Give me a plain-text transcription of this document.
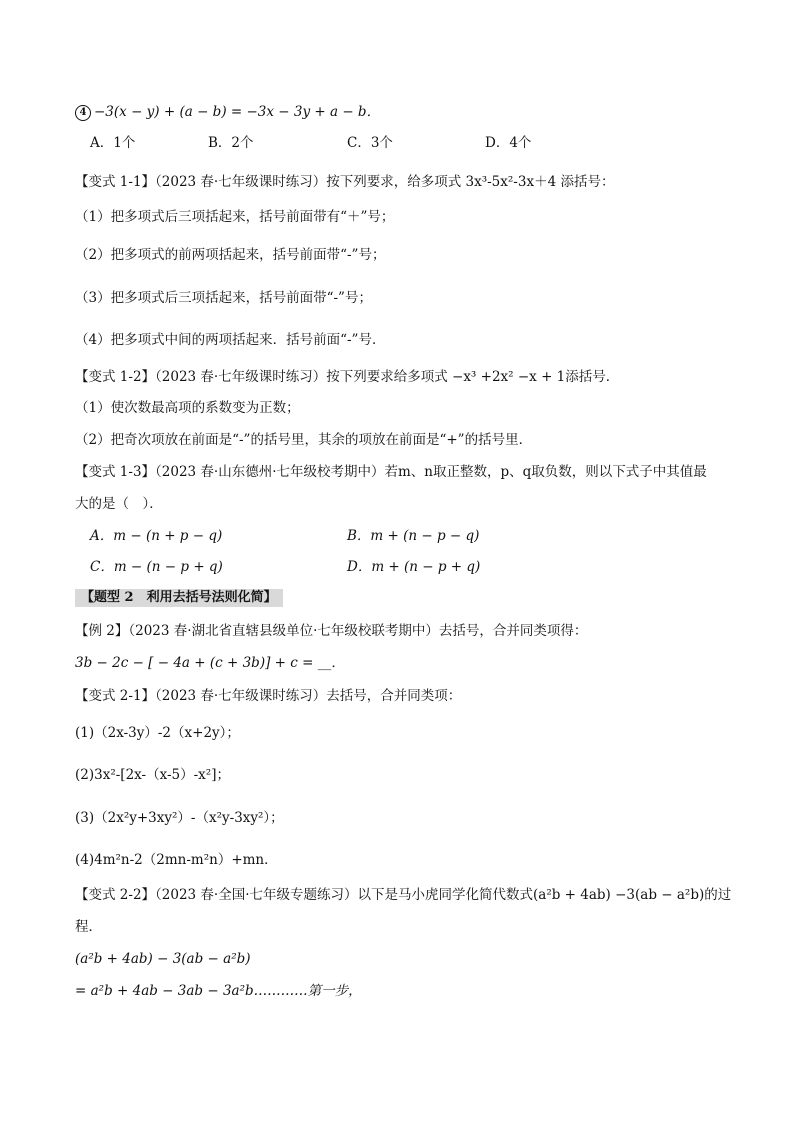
4 −3(x − y) + (a − b) = −3x − 3y + a − b．
A．1个	B．2个	C．3个	D．4个
【变式 1-1】（2023 春·七年级课时练习）按下列要求，给多项式 3x³-5x²-3x＋4 添括号：
（1）把多项式后三项括起来，括号前面带有“＋”号；
（2）把多项式的前两项括起来，括号前面带“-”号；
（3）把多项式后三项括起来，括号前面带“-”号；
（4）把多项式中间的两项括起来．括号前面“-”号．
【变式 1-2】（2023 春·七年级课时练习）按下列要求给多项式 −x³ +2x² −x + 1添括号．
（1）使次数最高项的系数变为正数；
（2）把奇次项放在前面是“-”的括号里，其余的项放在前面是“+”的括号里．
【变式 1-3】（2023 春·山东德州·七年级校考期中）若m、n取正整数，p、q取负数，则以下式子中其值最
大的是（　）．
A．m − (n + p − q)	B．m + (n − p − q)
C．m − (n − p + q)	D．m + (n − p + q)
【题型 2　利用去括号法则化简】
【例 2】（2023 春·湖北省直辖县级单位·七年级校联考期中）去括号，合并同类项得：
3b − 2c − [ − 4a + (c + 3b)] + c = __．
【变式 2-1】（2023 春·七年级课时练习）去括号，合并同类项：
(1)（2x-3y）-2（x+2y）；
(2)3x²-[2x-（x-5）-x²]；
(3)（2x²y+3xy²）-（x²y-3xy²）；
(4)4m²n-2（2mn-m²n）+mn．
【变式 2-2】（2023 春·全国·七年级专题练习）以下是马小虎同学化简代数式(a²b + 4ab) −3(ab − a²b)的过
程．
(a²b + 4ab) − 3(ab − a²b)
= a²b + 4ab − 3ab − 3a²b…………第一步，
